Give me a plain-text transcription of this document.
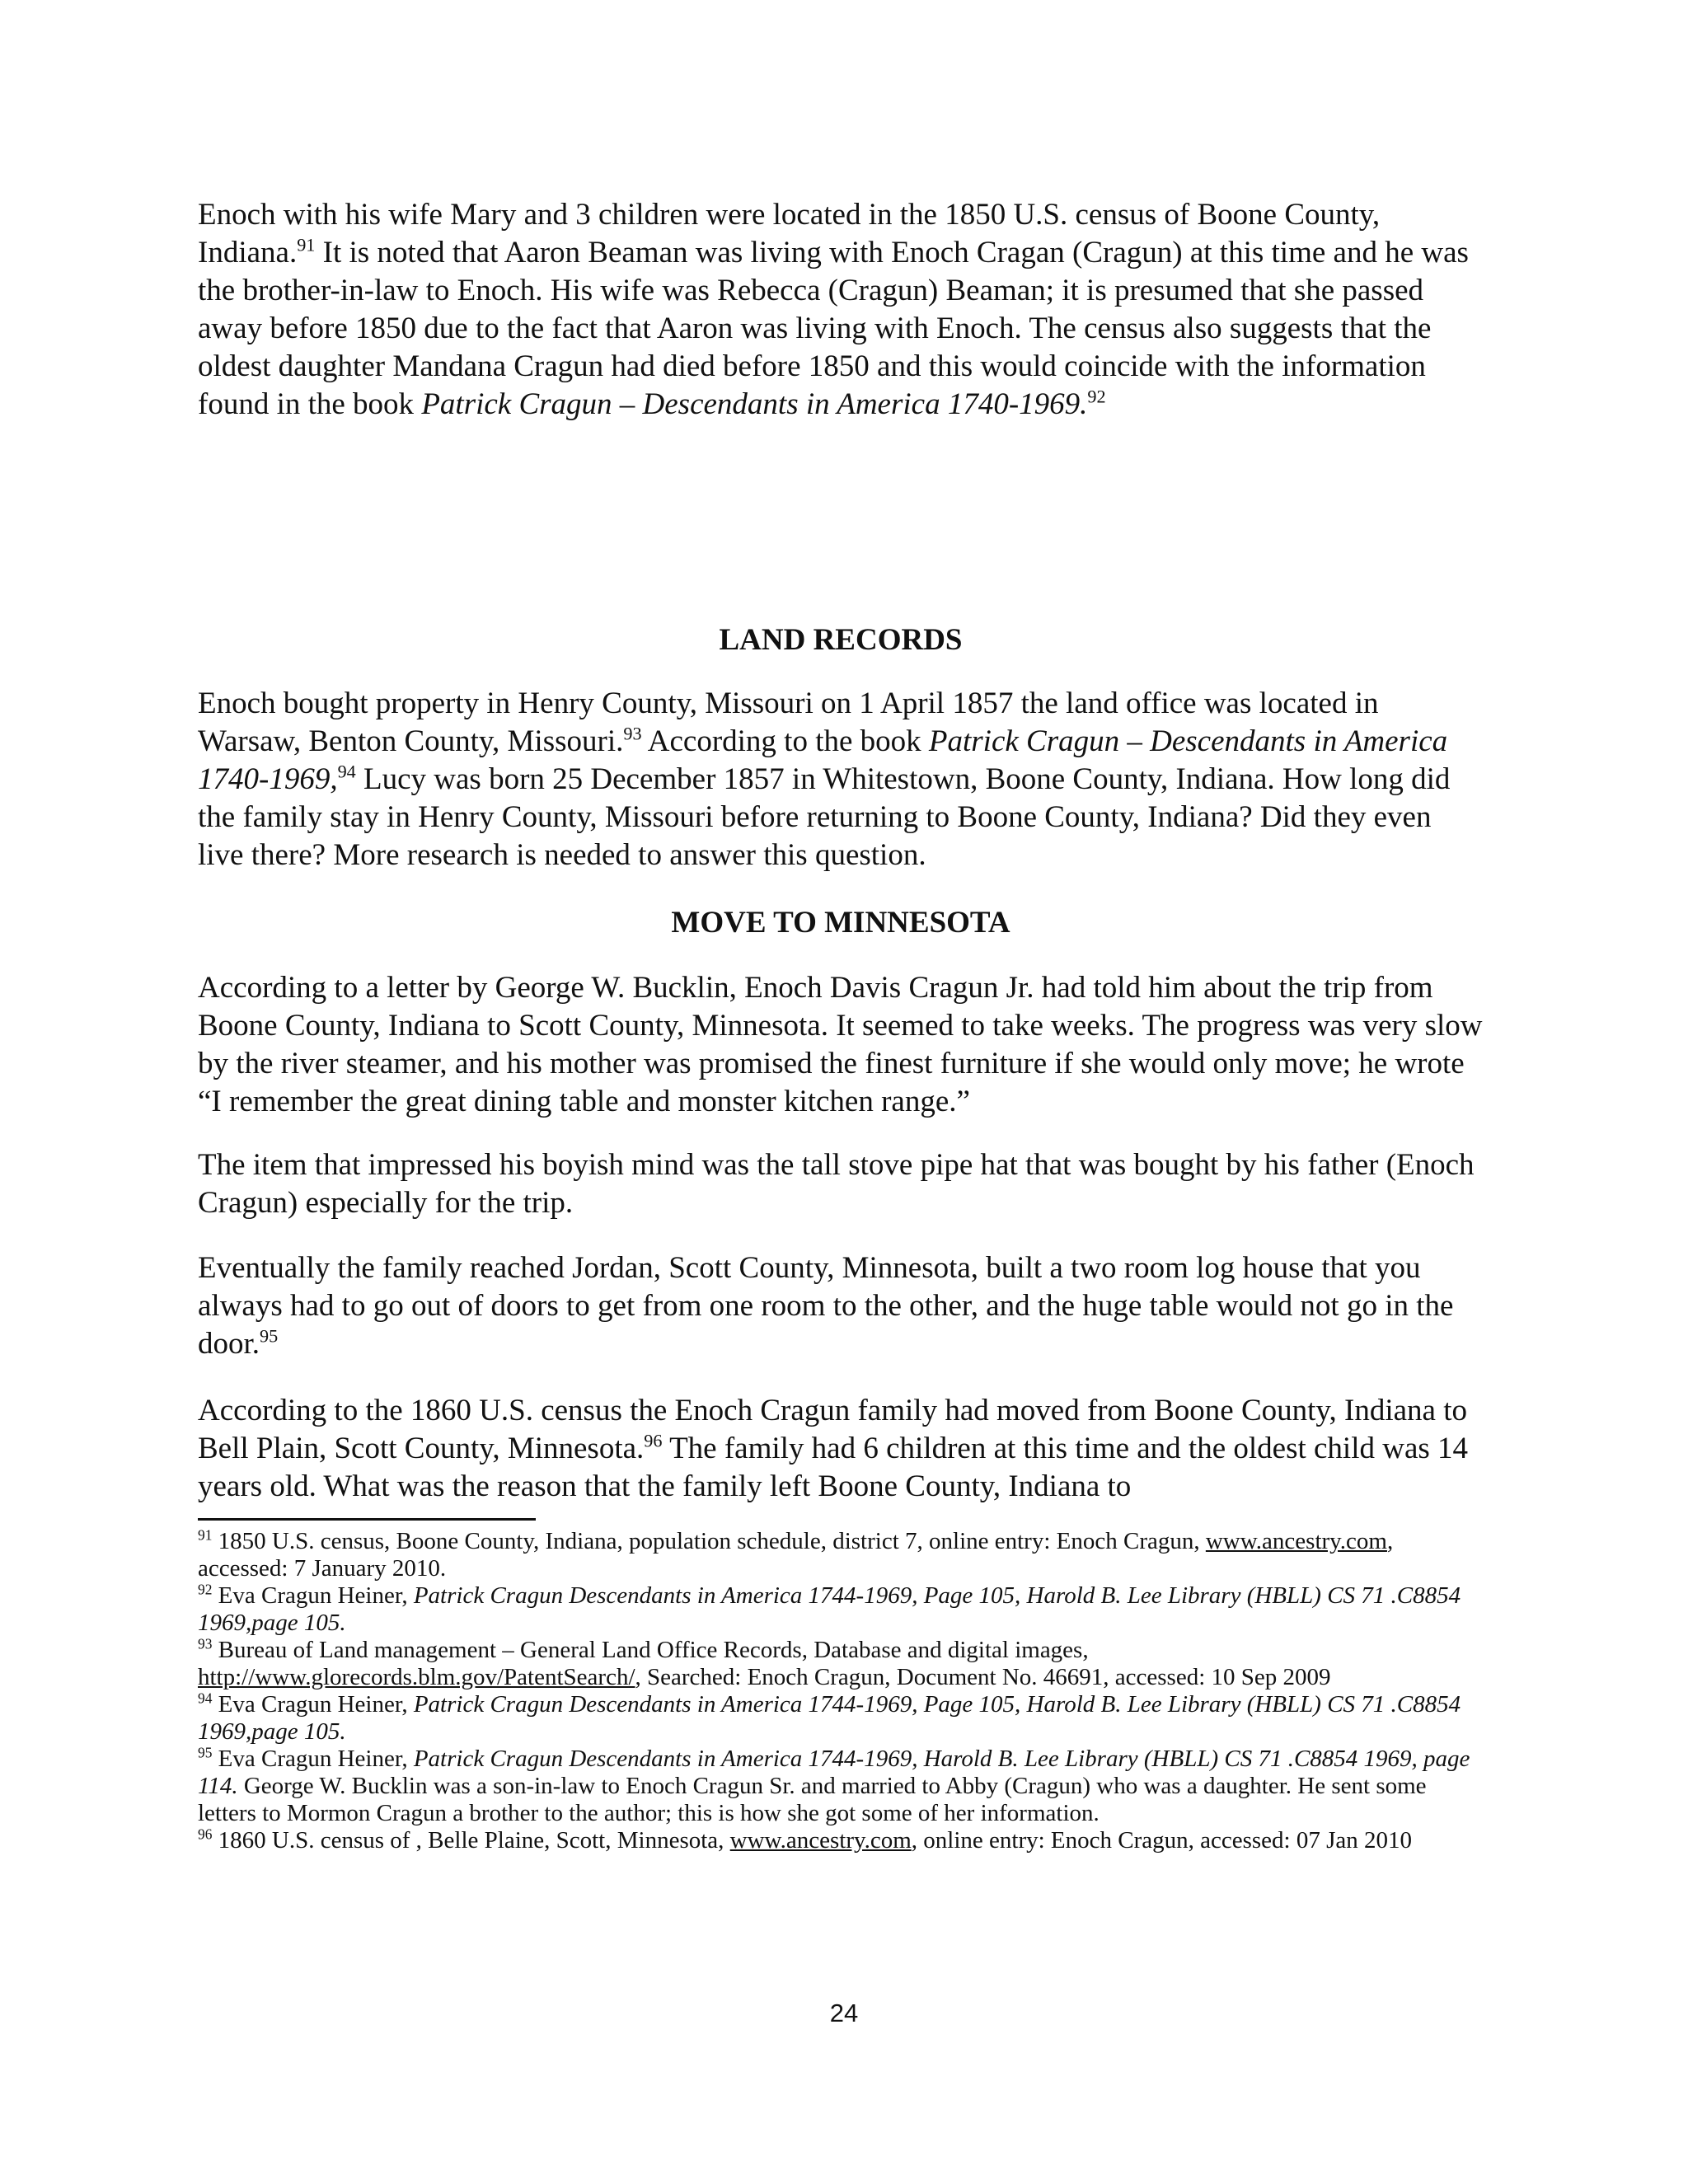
Enoch with his wife Mary and 3 children were located in the 1850 U.S. census of Boone County, Indiana.$^{91}$ It is noted that Aaron Beaman was living with Enoch Cragan (Cragun) at this time and he was the brother-in-law to Enoch. His wife was Rebecca (Cragun) Beaman; it is presumed that she passed away before 1850 due to the fact that Aaron was living with Enoch. The census also suggests that the oldest daughter Mandana Cragun had died before 1850 and this would coincide with the information found in the book Patrick Cragun – Descendants in America 1740-1969.92

LAND RECORDS

Enoch bought property in Henry County, Missouri on 1 April 1857 the land office was located in Warsaw, Benton County, Missouri.$^{93}$ According to the book Patrick Cragun – Descendants in America 1740-1969,94 Lucy was born 25 December 1857 in Whitestown, Boone County, Indiana. How long did the family stay in Henry County, Missouri before returning to Boone County, Indiana? Did they even live there? More research is needed to answer this question.

MOVE TO MINNESOTA

According to a letter by George W. Bucklin, Enoch Davis Cragun Jr. had told him about the trip from Boone County, Indiana to Scott County, Minnesota. It seemed to take weeks. The progress was very slow by the river steamer, and his mother was promised the finest furniture if she would only move; he wrote “I remember the great dining table and monster kitchen range.”

The item that impressed his boyish mind was the tall stove pipe hat that was bought by his father (Enoch Cragun) especially for the trip.

Eventually the family reached Jordan, Scott County, Minnesota, built a two room log house that you always had to go out of doors to get from one room to the other, and the huge table would not go in the door.$^{95}$

According to the 1860 U.S. census the Enoch Cragun family had moved from Boone County, Indiana to Bell Plain, Scott County, Minnesota.$^{96}$ The family had 6 children at this time and the oldest child was 14 years old. What was the reason that the family left Boone County, Indiana to

$^{91}$ 1850 U.S. census, Boone County, Indiana, population schedule, district 7, online entry: Enoch Cragun, www.ancestry.com, accessed: 7 January 2010.

$^{92}$ Eva Cragun Heiner, Patrick Cragun Descendants in America 1744-1969, Page 105, Harold B. Lee Library (HBLL) CS 71 .C8854 1969,page 105.

$^{93}$ Bureau of Land management – General Land Office Records, Database and digital images, http://www.glorecords.blm.gov/PatentSearch/, Searched: Enoch Cragun, Document No. 46691, accessed: 10 Sep 2009

$^{94}$ Eva Cragun Heiner, Patrick Cragun Descendants in America 1744-1969, Page 105, Harold B. Lee Library (HBLL) CS 71 .C8854 1969,page 105.

$^{95}$ Eva Cragun Heiner, Patrick Cragun Descendants in America 1744-1969, Harold B. Lee Library (HBLL) CS 71 .C8854 1969, page 114. George W. Bucklin was a son-in-law to Enoch Cragun Sr. and married to Abby (Cragun) who was a daughter. He sent some letters to Mormon Cragun a brother to the author; this is how she got some of her information.

$^{96}$ 1860 U.S. census of , Belle Plaine, Scott, Minnesota, www.ancestry.com, online entry: Enoch Cragun, accessed: 07 Jan 2010

24
